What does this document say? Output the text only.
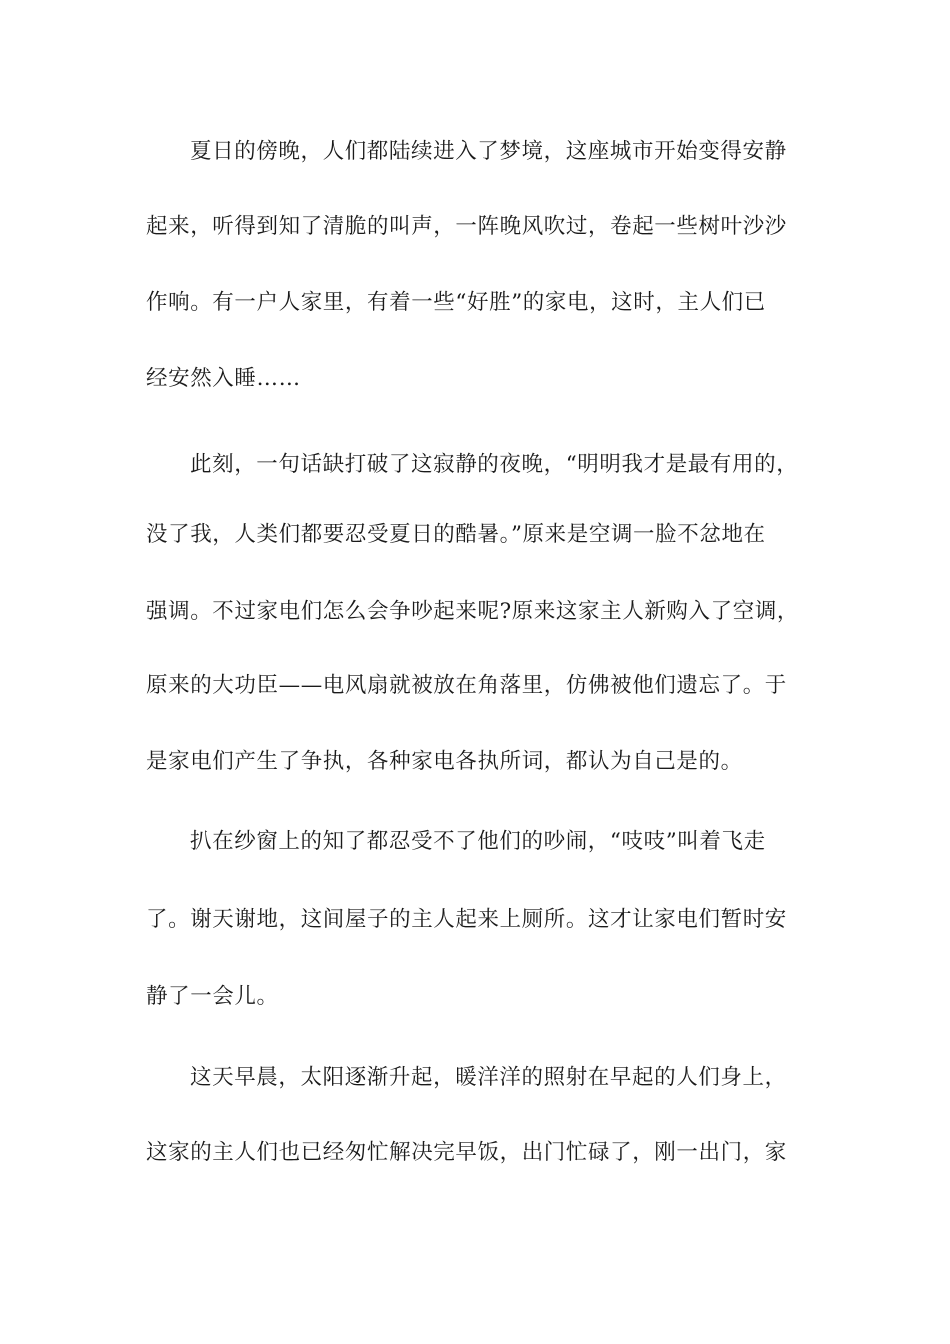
夏日的傍晚，人们都陆续进入了梦境，这座城市开始变得安静
起来，听得到知了清脆的叫声，一阵晚风吹过，卷起一些树叶沙沙
作响。有一户人家里，有着一些“好胜”的家电，这时，主人们已
经安然入睡……
此刻，一句话缺打破了这寂静的夜晚，“明明我才是最有用的，
没了我，人类们都要忍受夏日的酷暑。”原来是空调一脸不忿地在
强调。不过家电们怎么会争吵起来呢?原来这家主人新购入了空调，
原来的大功臣——电风扇就被放在角落里，仿佛被他们遗忘了。于
是家电们产生了争执，各种家电各执所词，都认为自己是的。
扒在纱窗上的知了都忍受不了他们的吵闹，“吱吱”叫着飞走
了。谢天谢地，这间屋子的主人起来上厕所。这才让家电们暂时安
静了一会儿。
这天早晨，太阳逐渐升起，暖洋洋的照射在早起的人们身上，
这家的主人们也已经匆忙解决完早饭，出门忙碌了，刚一出门，家
